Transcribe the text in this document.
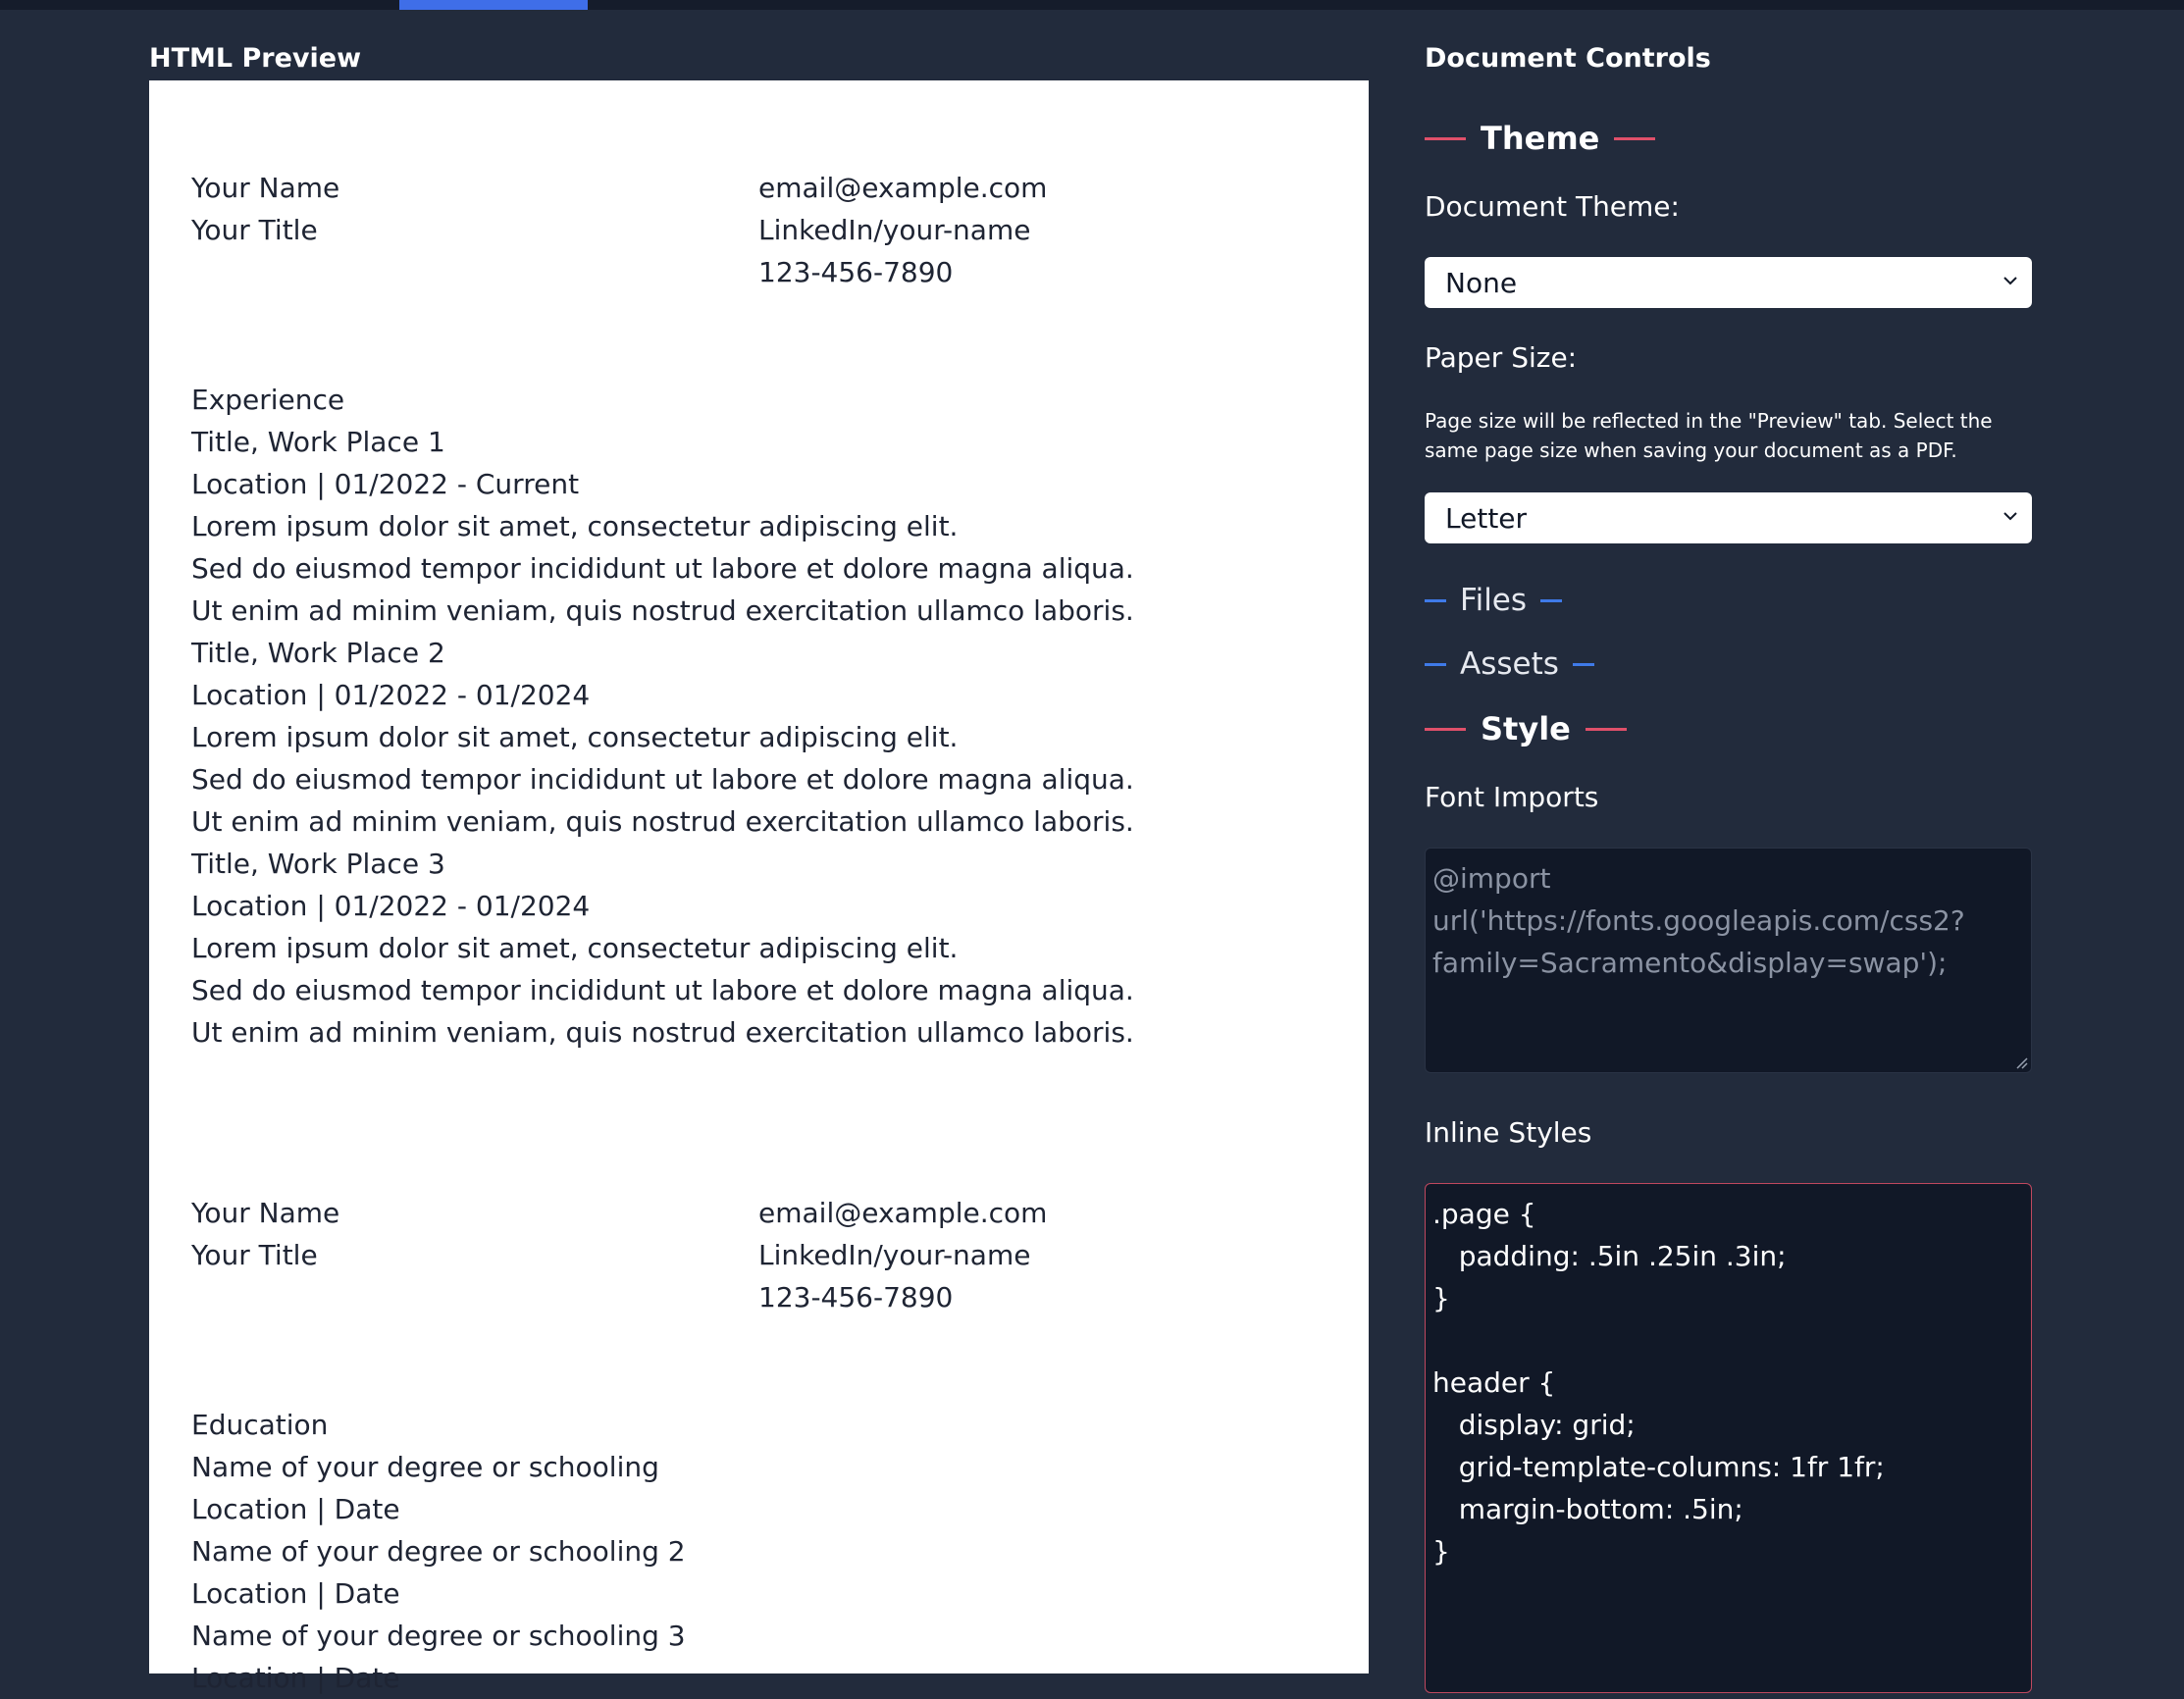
HTML Preview
Your Name
Your Title
email@example.com
LinkedIn/your-name
123-456-7890
Experience
Title, Work Place 1
Location | 01/2022 - Current
Lorem ipsum dolor sit amet, consectetur adipiscing elit.
Sed do eiusmod tempor incididunt ut labore et dolore magna aliqua.
Ut enim ad minim veniam, quis nostrud exercitation ullamco laboris.
Title, Work Place 2
Location | 01/2022 - 01/2024
Lorem ipsum dolor sit amet, consectetur adipiscing elit.
Sed do eiusmod tempor incididunt ut labore et dolore magna aliqua.
Ut enim ad minim veniam, quis nostrud exercitation ullamco laboris.
Title, Work Place 3
Location | 01/2022 - 01/2024
Lorem ipsum dolor sit amet, consectetur adipiscing elit.
Sed do eiusmod tempor incididunt ut labore et dolore magna aliqua.
Ut enim ad minim veniam, quis nostrud exercitation ullamco laboris.
Your Name
Your Title
email@example.com
LinkedIn/your-name
123-456-7890
Education
Name of your degree or schooling
Location | Date
Name of your degree or schooling 2
Location | Date
Name of your degree or schooling 3
Location | Date
Document Controls
Theme
Document Theme:
None
Paper Size:
Page size will be reflected in the "Preview" tab. Select the same page size when saving your document as a PDF.
Letter
Files
Assets
Style
Font Imports
@import
url('https://fonts.googleapis.com/css2?
family=Sacramento&display=swap');
Inline Styles
.page {
padding: .5in .25in .3in;
}
header {
display: grid;
grid-template-columns: 1fr 1fr;
margin-bottom: .5in;
}
